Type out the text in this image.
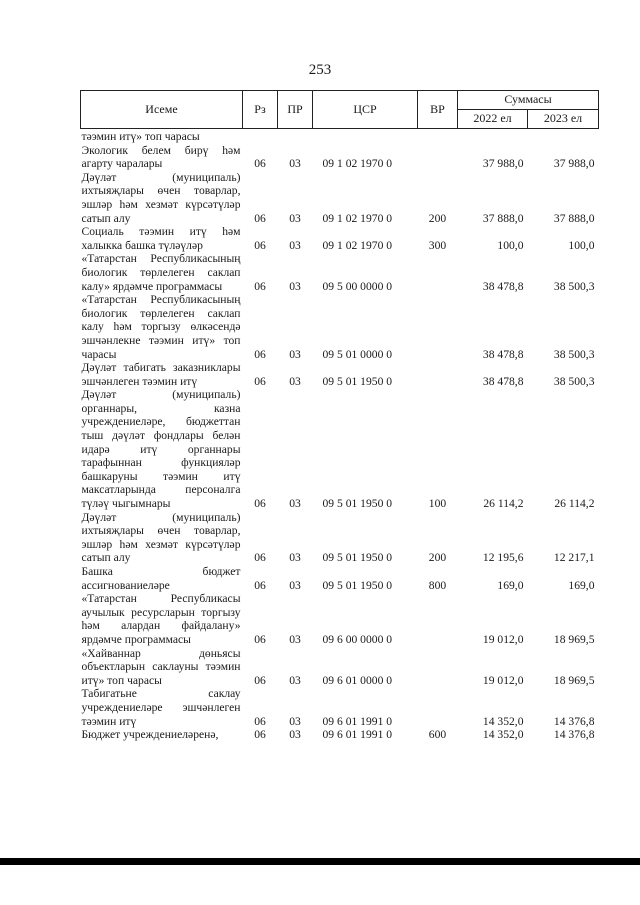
253
Исеме	Рз	ПР	ЦСР	ВР	Суммасы	
					2022 ел	2023 ел
тәэмин итү» топ чарасы						
Экологик белем бирү һәм агарту чаралары	06	03	09 1 02 1970 0		37 988,0	37 988,0
Дәүләт (муниципаль) ихтыяҗлары өчен товарлар, эшләр һәм хезмәт күрсәтүләр сатып алу	06	03	09 1 02 1970 0	200	37 888,0	37 888,0
Социаль тәэмин итү һәм халыкка башка түләүләр	06	03	09 1 02 1970 0	300	100,0	100,0
«Татарстан Республикасының биологик төрлелеген саклап калу» ярдәмче программасы	06	03	09 5 00 0000 0		38 478,8	38 500,3
«Татарстан Республикасының биологик төрлелеген саклап калу һәм торгызу өлкәсендә эшчәнлекне тәэмин итү» топ чарасы	06	03	09 5 01 0000 0		38 478,8	38 500,3
Дәүләт табигать заказниклары эшчәнлеген тәэмин итү	06	03	09 5 01 1950 0		38 478,8	38 500,3
Дәүләт (муниципаль) органнары, казна учреждениеләре, бюджеттан тыш дәүләт фондлары белән идарә итү органнары тарафыннан функцияләр башкаруны тәэмин итү максатларында персоналга түләү чыгымнары	06	03	09 5 01 1950 0	100	26 114,2	26 114,2
Дәүләт (муниципаль) ихтыяҗлары өчен товарлар, эшләр һәм хезмәт күрсәтүләр сатып алу	06	03	09 5 01 1950 0	200	12 195,6	12 217,1
Башка бюджет ассигнованиеләре	06	03	09 5 01 1950 0	800	169,0	169,0
«Татарстан Республикасы аучылык ресурсларын торгызу һәм алардан файдалану» ярдәмче программасы	06	03	09 6 00 0000 0		19 012,0	18 969,5
«Хайваннар дөньясы объектларын саклауны тәэмин итү» топ чарасы	06	03	09 6 01 0000 0		19 012,0	18 969,5
Табигатьне саклау учреждениеләре эшчәнлеген тәэмин итү	06	03	09 6 01 1991 0		14 352,0	14 376,8
Бюджет учреждениеләренә,	06	03	09 6 01 1991 0	600	14 352,0	14 376,8
